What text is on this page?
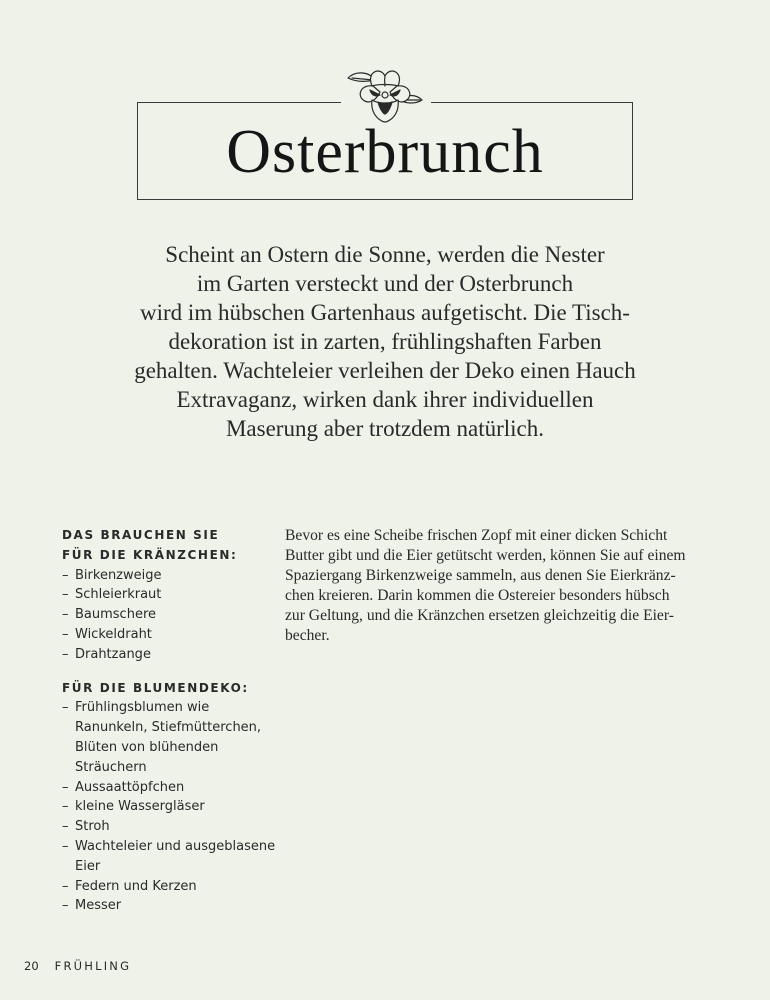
Osterbrunch
Scheint an Ostern die Sonne, werden die Nester
im Garten versteckt und der Osterbrunch
wird im hübschen Gartenhaus aufgetischt. Die Tisch-
dekoration ist in zarten, frühlingshaften Farben
gehalten. Wachteleier verleihen der Deko einen Hauch
Extravaganz, wirken dank ihrer individuellen
Maserung aber trotzdem natürlich.
DAS BRAUCHEN SIE
FÜR DIE KRÄNZCHEN:
– Birkenzweige
– Schleierkraut
– Baumschere
– Wickeldraht
– Drahtzange
FÜR DIE BLUMENDEKO:
– Frühlingsblumen wie Ranunkeln, Stiefmütterchen, Blüten von blühenden Sträuchern
– Aussaattöpfchen
– kleine Wassergläser
– Stroh
– Wachteleier und ausgeblasene Eier
– Federn und Kerzen
– Messer
Bevor es eine Scheibe frischen Zopf mit einer dicken Schicht
Butter gibt und die Eier getütscht werden, können Sie auf einem
Spaziergang Birkenzweige sammeln, aus denen Sie Eierkränz-
chen kreieren. Darin kommen die Ostereier besonders hübsch
zur Geltung, und die Kränzchen ersetzen gleichzeitig die Eier-
becher.
20 FRÜHLING
